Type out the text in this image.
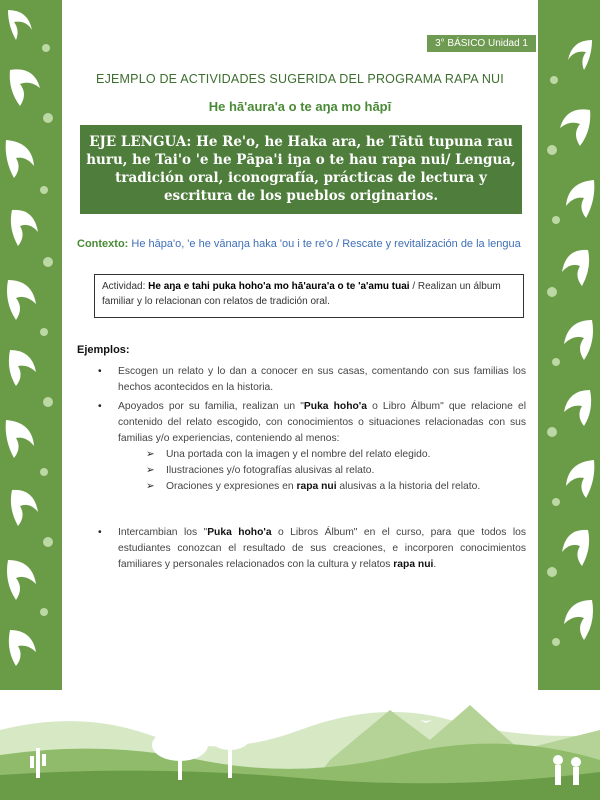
3° BÁSICO Unidad 1
EJEMPLO DE ACTIVIDADES SUGERIDA DEL PROGRAMA RAPA NUI
He hā'aura'a o te aŋa mo hāpī
EJE LENGUA: He Re'o, he Haka ara, he Tātū tupuna rau huru, he Tai'o 'e he Pāpa'i iŋa o te hau rapa nui/ Lengua, tradición oral, iconografía, prácticas de lectura y escritura de los pueblos originarios.
Contexto: He hāpa'o, 'e he vānaŋa haka 'ou i te re'o / Rescate y revitalización de la lengua
Actividad: He aŋa e tahi puka hoho'a mo hā'aura'a o te 'a'amu tuai / Realizan un álbum familiar y lo relacionan con relatos de tradición oral.
Ejemplos:
• Escogen un relato y lo dan a conocer en sus casas, comentando con sus familias los hechos acontecidos en la historia.
• Apoyados por su familia, realizan un "Puka hoho'a o Libro Álbum" que relacione el contenido del relato escogido, con conocimientos o situaciones relacionadas con sus familias y/o experiencias, conteniendo al menos:
➢ Una portada con la imagen y el nombre del relato elegido.
➢ Ilustraciones y/o fotografías alusivas al relato.
➢ Oraciones y expresiones en rapa nui alusivas a la historia del relato.
• Intercambian los "Puka hoho'a o Libros Álbum" en el curso, para que todos los estudiantes conozcan el resultado de sus creaciones, e incorporen conocimientos familiares y personales relacionados con la cultura y relatos rapa nui.
